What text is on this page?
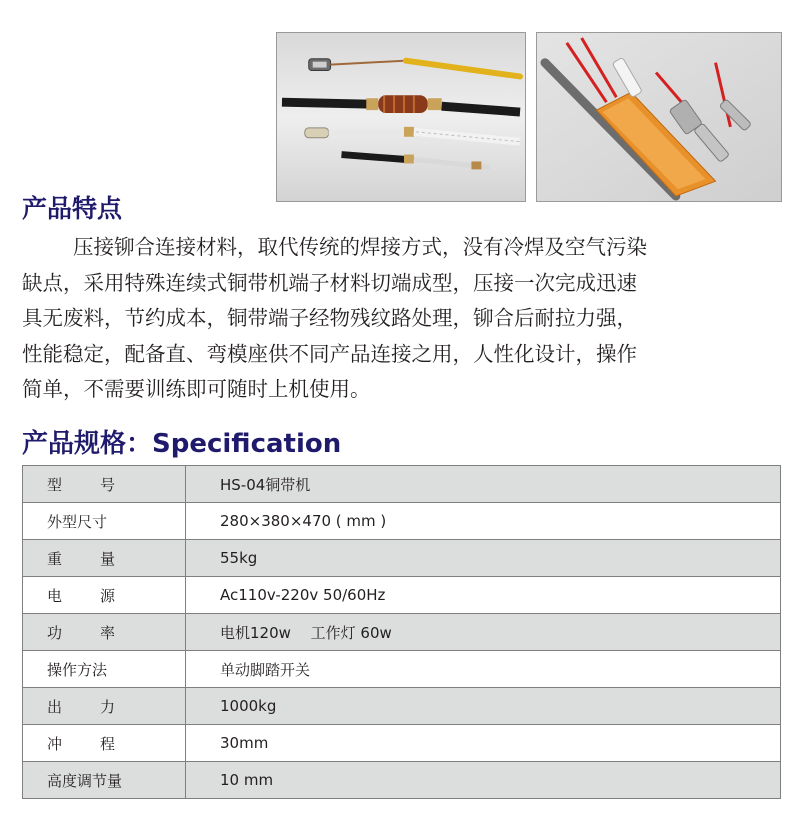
产品特点

压接铆合连接材料，取代传统的焊接方式，没有冷焊及空气污染
缺点，采用特殊连续式铜带机端子材料切端成型，压接一次完成迅速
具无废料，节约成本，铜带端子经物残纹路处理，铆合后耐拉力强，
性能稳定，配备直、弯模座供不同产品连接之用，人性化设计，操作
简单，不需要训练即可随时上机使用。

产品规格：Specification
型　号	HS-04铜带机
外型尺寸	280×380×470 ( mm )

重　量	55kg

电　源	Ac110v-220v 50/60Hz

功　率	电机120w　 工作灯 60w
操作方法	单动脚踏开关

出　力	1000kg

冲　程	30mm
高度调节量	10 mm
